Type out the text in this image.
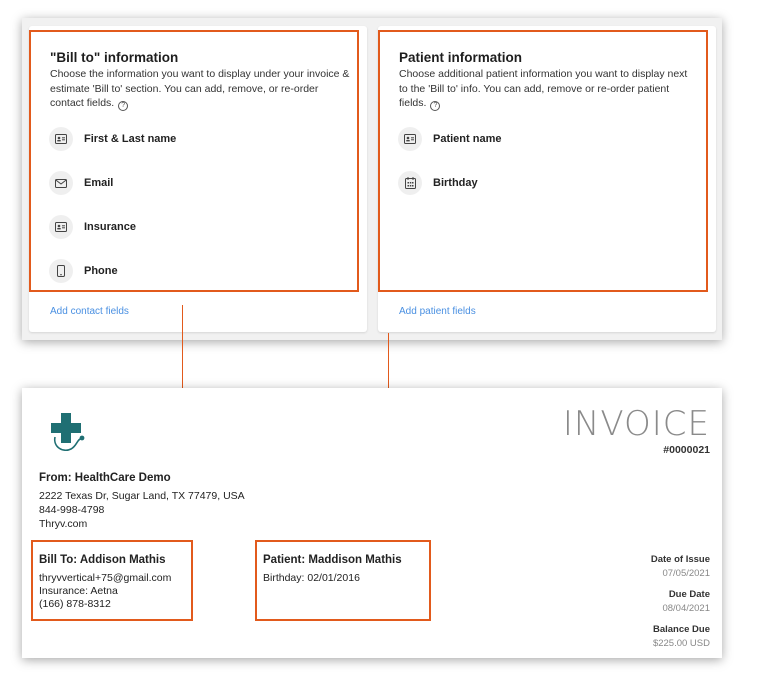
"Bill to" information
Choose the information you want to display under your invoice & estimate 'Bill to' section. You can add, remove, or re-order contact fields. ?
First & Last name
Email
Insurance
Phone
Add contact fields
Patient information
Choose additional patient information you want to display next to the 'Bill to' info. You can add, remove or re-order patient fields. ?
Patient name
Birthday
Add patient fields
INVOICE
#0000021
From: HealthCare Demo
2222 Texas Dr, Sugar Land, TX 77479, USA
844-998-4798
Thryv.com
Bill To: Addison Mathis
thryvvertical+75@gmail.com
Insurance: Aetna
(166) 878-8312
Patient: Maddison Mathis
Birthday: 02/01/2016
Date of Issue
07/05/2021
Due Date
08/04/2021
Balance Due
$225.00 USD
